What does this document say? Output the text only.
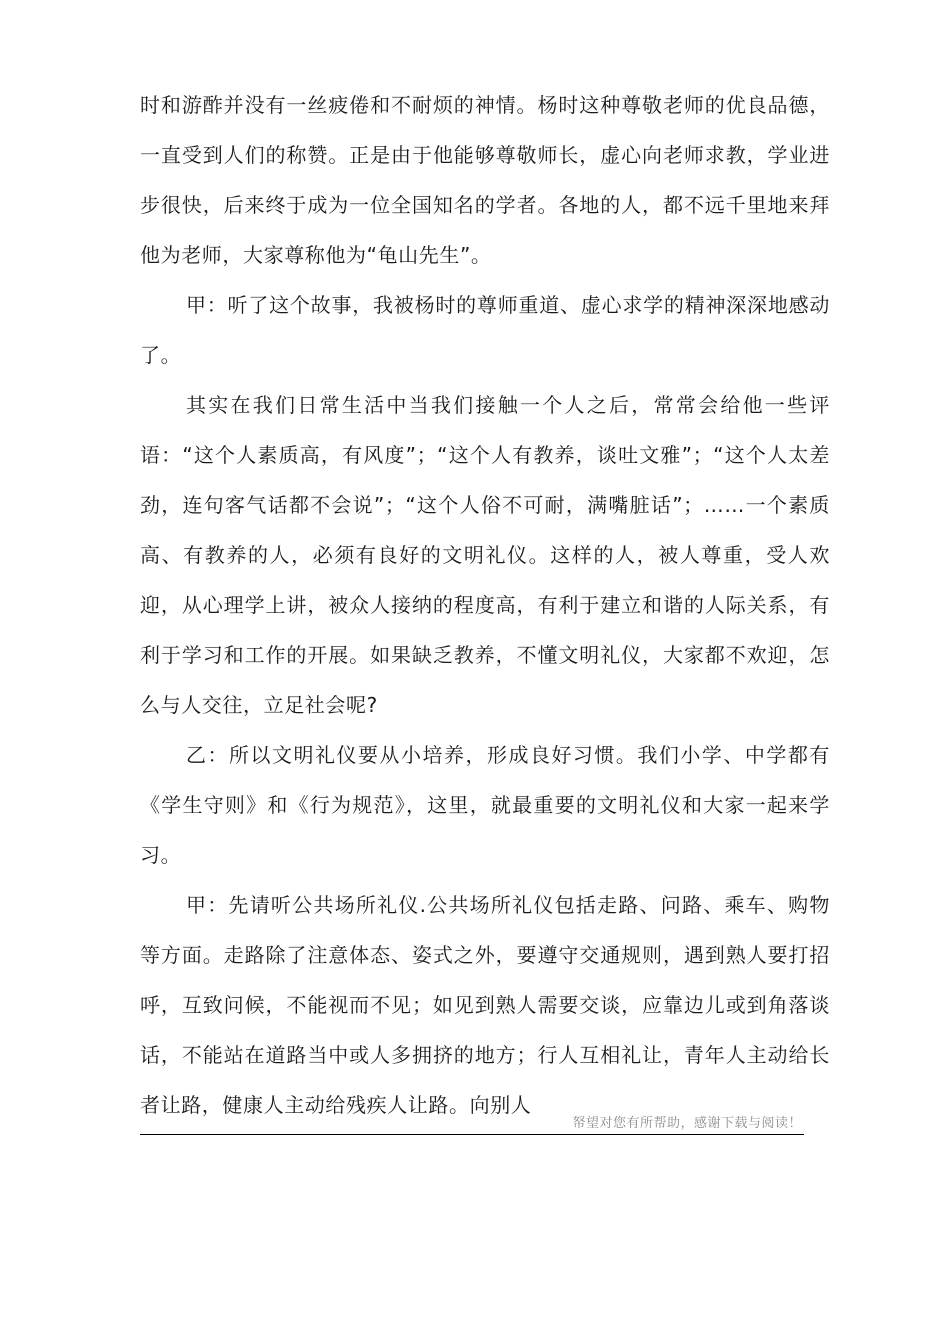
时和游酢并没有一丝疲倦和不耐烦的神情。杨时这种尊敬老师的优良品德，一直受到人们的称赞。正是由于他能够尊敬师长，虚心向老师求教，学业进步很快，后来终于成为一位全国知名的学者。各地的人，都不远千里地来拜他为老师，大家尊称他为“龟山先生”。

甲：听了这个故事，我被杨时的尊师重道、虚心求学的精神深深地感动了。

其实在我们日常生活中当我们接触一个人之后，常常会给他一些评语：“这个人素质高，有风度”；“这个人有教养，谈吐文雅”；“这个人太差劲，连句客气话都不会说”；“这个人俗不可耐，满嘴脏话”；……一个素质高、有教养的人，必须有良好的文明礼仪。这样的人，被人尊重，受人欢迎，从心理学上讲，被众人接纳的程度高，有利于建立和谐的人际关系，有利于学习和工作的开展。如果缺乏教养，不懂文明礼仪，大家都不欢迎，怎么与人交往，立足社会呢?

乙：所以文明礼仪要从小培养，形成良好习惯。我们小学、中学都有《学生守则》和《行为规范》，这里，就最重要的文明礼仪和大家一起来学习。

甲：先请听公共场所礼仪.公共场所礼仪包括走路、问路、乘车、购物等方面。走路除了注意体态、姿式之外，要遵守交通规则，遇到熟人要打招呼，互致问候，不能视而不见；如见到熟人需要交谈，应靠边儿或到角落谈话，不能站在道路当中或人多拥挤的地方；行人互相礼让，青年人主动给长者让路，健康人主动给残疾人让路。向别人

帑望对您有所帮助，感谢下载与阅读！
